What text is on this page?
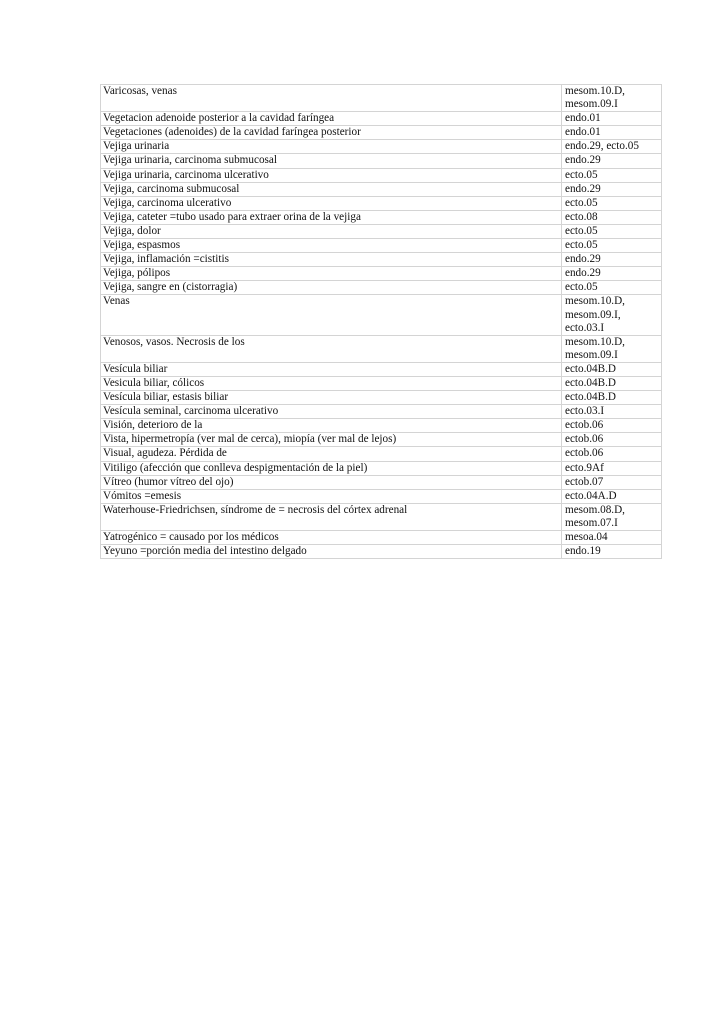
Varicosas, venas	mesom.10.D,
mesom.09.I

Vegetacion adenoide posterior a la cavidad faríngea	endo.01

Vegetaciones (adenoides) de la cavidad faríngea posterior	endo.01

Vejiga urinaria	endo.29, ecto.05

Vejiga urinaria, carcinoma submucosal	endo.29

Vejiga urinaria, carcinoma ulcerativo	ecto.05

Vejiga, carcinoma submucosal	endo.29

Vejiga, carcinoma ulcerativo	ecto.05

Vejiga, cateter =tubo usado para extraer orina de la vejiga	ecto.08

Vejiga, dolor	ecto.05

Vejiga, espasmos	ecto.05

Vejiga, inflamación =cistitis	endo.29

Vejiga, pólipos	endo.29

Vejiga, sangre en (cistorragia)	ecto.05

Venas	mesom.10.D,
mesom.09.I,
ecto.03.I

Venosos, vasos. Necrosis de los	mesom.10.D,
mesom.09.I

Vesícula biliar	ecto.04B.D

Vesicula biliar, cólicos	ecto.04B.D

Vesícula biliar, estasis biliar	ecto.04B.D

Vesícula seminal, carcinoma ulcerativo	ecto.03.I

Visión, deterioro de la	ectob.06

Vista, hipermetropía (ver mal de cerca), miopía (ver mal de lejos)	ectob.06

Visual, agudeza. Pérdida de	ectob.06

Vitiligo (afección que conlleva despigmentación de la piel)	ecto.9Af

Vítreo (humor vítreo del ojo)	ectob.07

Vómitos =emesis	ecto.04A.D

Waterhouse-Friedrichsen, síndrome de = necrosis del córtex adrenal	mesom.08.D,
mesom.07.I

Yatrogénico = causado por los médicos	mesoa.04

Yeyuno =porción media del intestino delgado	endo.19
